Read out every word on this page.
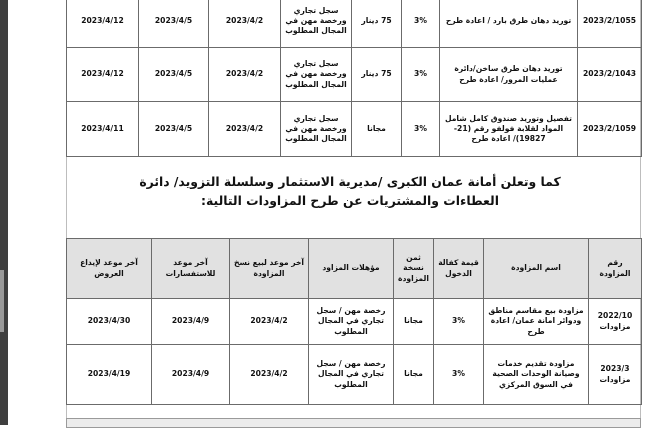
2023/2/1055	توريد دهان طرق بارد / اعادة طرح	3%	75 دينار	سجل تجاري ورخصة مهن في المجال المطلوب	2023/4/2	2023/4/5	2023/4/12
2023/2/1043	توريد دهان طرق ساخن/دائرة عمليات المرور/ اعادة طرح	3%	75 دينار	سجل تجاري ورخصة مهن في المجال المطلوب	2023/4/2	2023/4/5	2023/4/12
2023/2/1059	تفصيل وتوريد صندوق كامل شامل المواد لقلابة فولفو رقم (21-19827)/ اعادة طرح	3%	مجانا	سجل تجاري ورخصة مهن في المجال المطلوب	2023/4/2	2023/4/5	2023/4/11
كما وتعلن أمانة عمان الكبرى /مديرية الاستثمار وسلسلة التزويد/ دائرة
العطاءات والمشتريات عن طرح المزاودات التالية:
رقم المزاودة	اسم المزاودة	قيمة كفالة الدخول	ثمن نسخة المزاودة	مؤهلات المزاود	آخر موعد لبيع نسخ المزاودة	آخر موعد للاستفسارات	آخر موعد لإيداع العروض
2022/10 مزاودات	مزاودة بيع مقاسم مناطق ودوائر امانة عمان/ اعادة طرح	3%	مجانا	رخصة مهن / سجل تجاري في المجال المطلوب	2023/4/2	2023/4/9	2023/4/30
2023/3 مزاودات	مزاودة تقديم خدمات وصيانة الوحدات الصحية في السوق المركزي	3%	مجانا	رخصة مهن / سجل تجاري في المجال المطلوب	2023/4/2	2023/4/9	2023/4/19
